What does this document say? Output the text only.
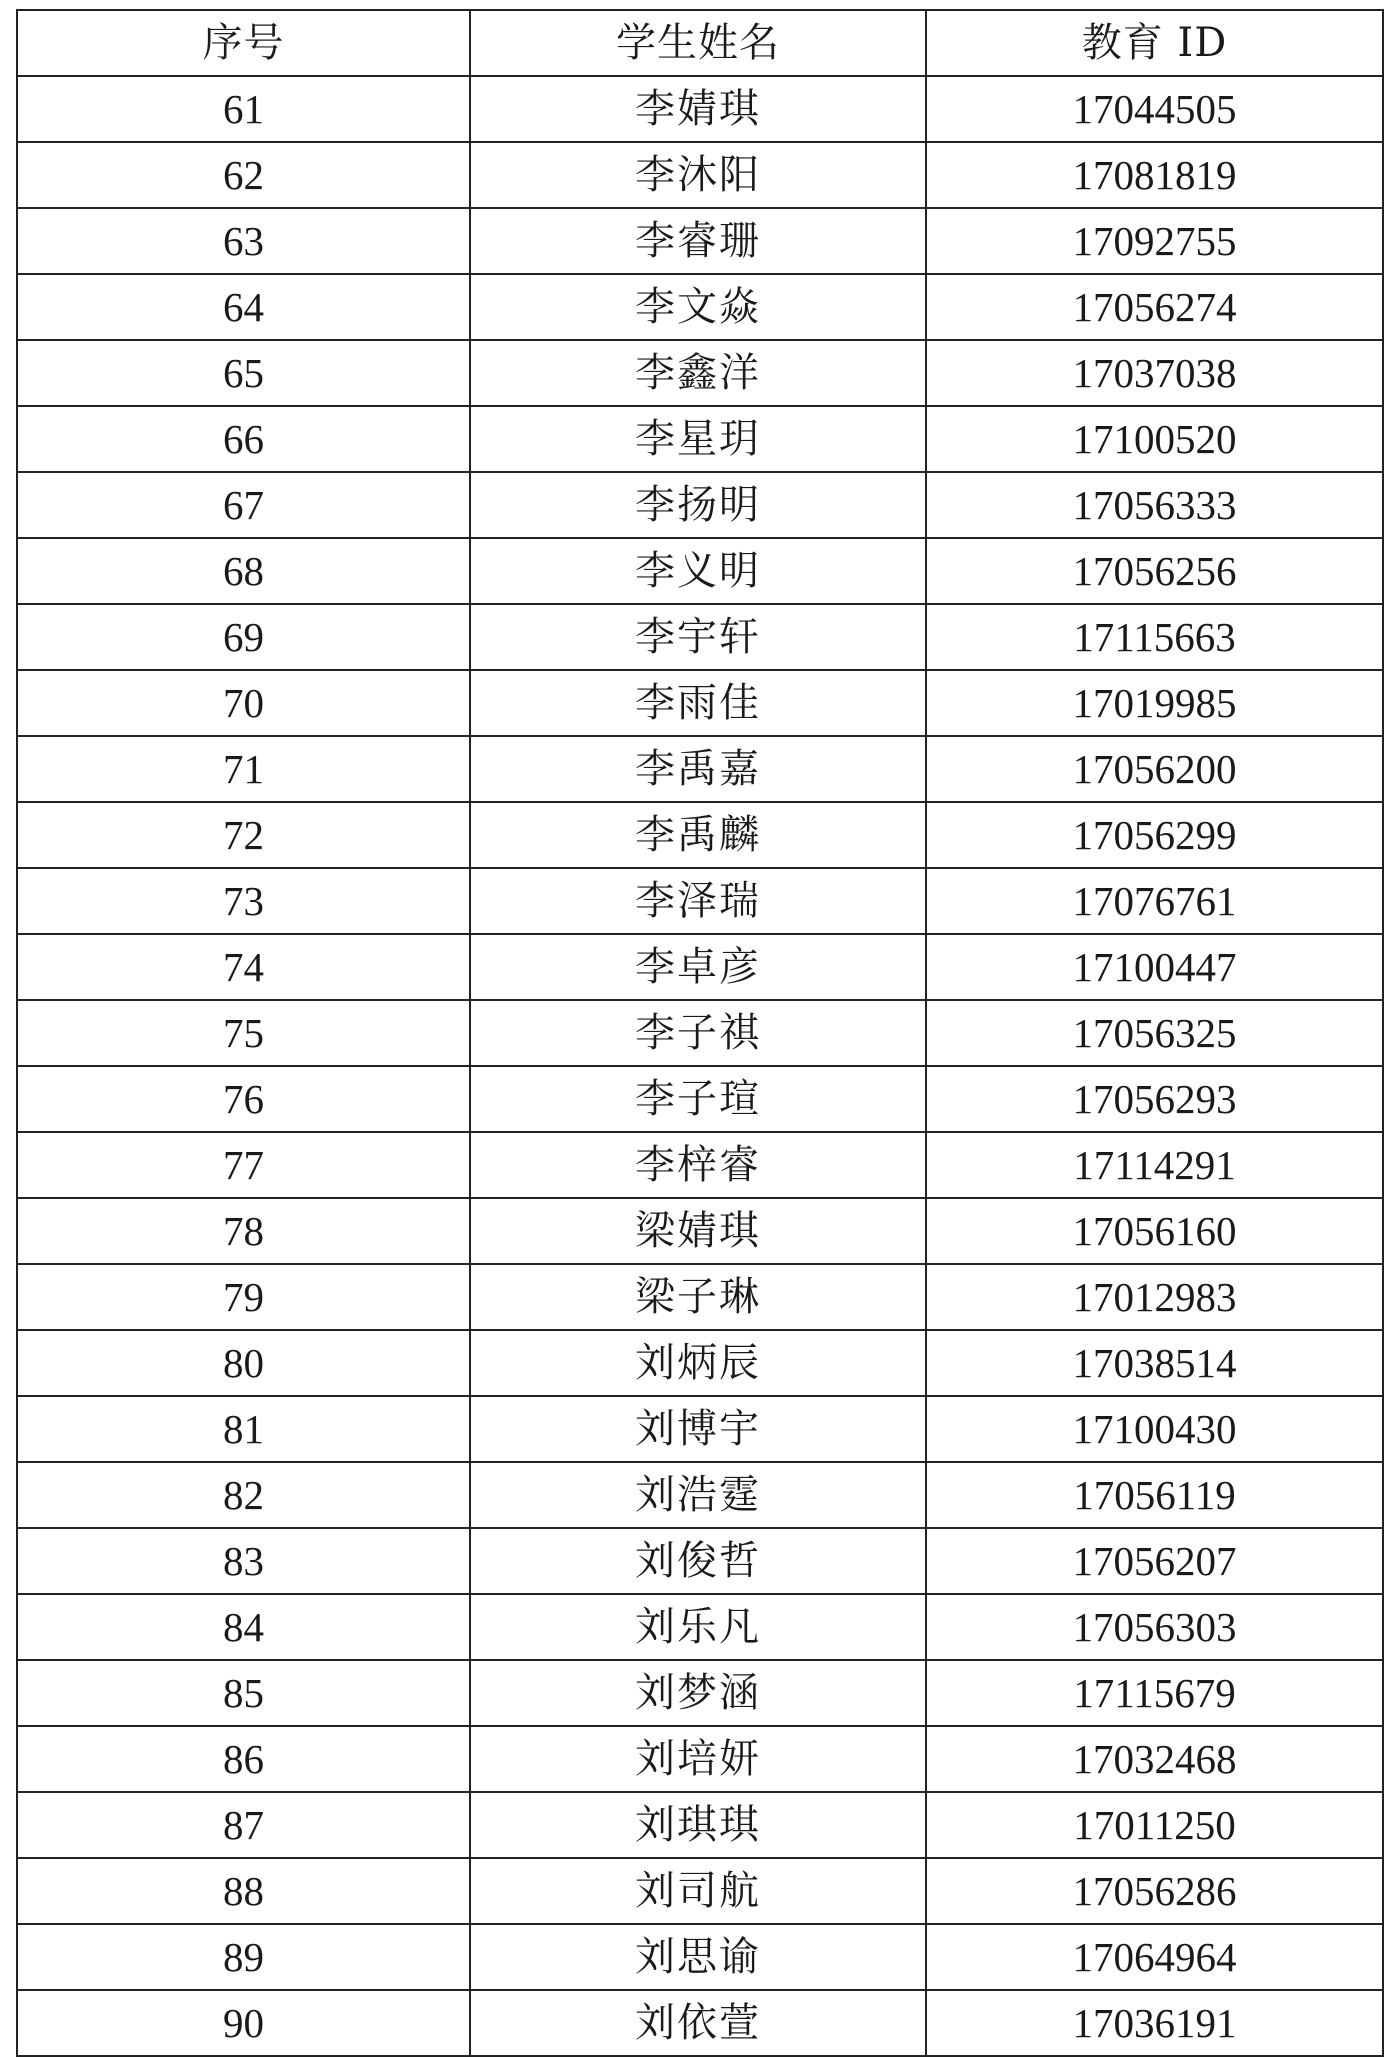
序号	学生姓名	教育 ID
61	李婧琪	17044505
62	李沐阳	17081819
63	李睿珊	17092755
64	李文焱	17056274
65	李鑫洋	17037038
66	李星玥	17100520
67	李扬明	17056333
68	李义明	17056256
69	李宇轩	17115663
70	李雨佳	17019985
71	李禹嘉	17056200
72	李禹麟	17056299
73	李泽瑞	17076761
74	李卓彦	17100447
75	李子祺	17056325
76	李子瑄	17056293
77	李梓睿	17114291
78	梁婧琪	17056160
79	梁子琳	17012983
80	刘炳辰	17038514
81	刘博宇	17100430
82	刘浩霆	17056119
83	刘俊哲	17056207
84	刘乐凡	17056303
85	刘梦涵	17115679
86	刘培妍	17032468
87	刘琪琪	17011250
88	刘司航	17056286
89	刘思谕	17064964
90	刘依萱	17036191
